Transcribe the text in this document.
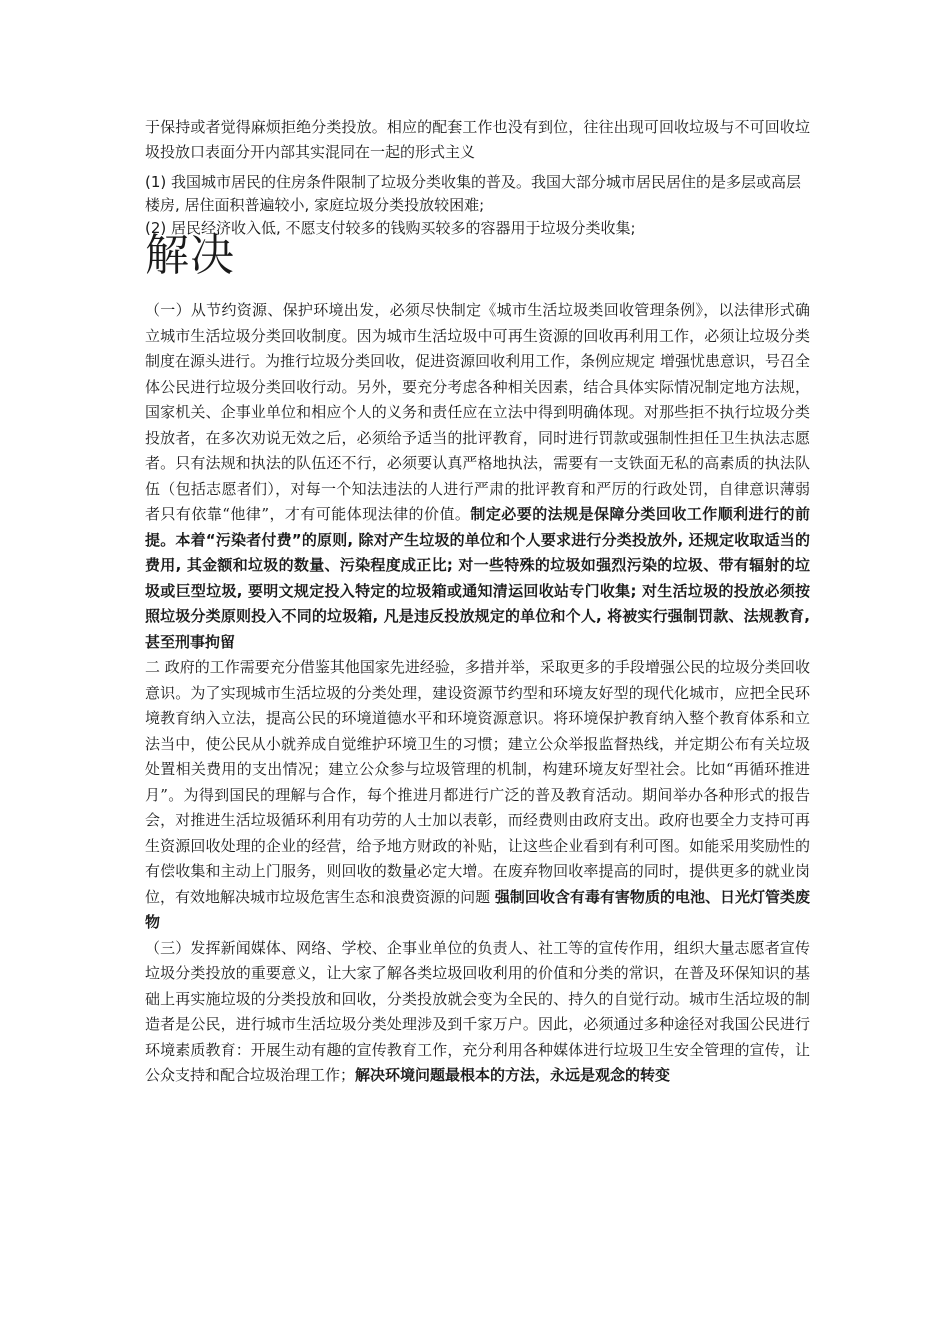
于保持或者觉得麻烦拒绝分类投放。相应的配套工作也没有到位，往往出现可回收垃圾与不可回收垃圾投放口表面分开内部其实混同在一起的形式主义

(1) 我国城市居民的住房条件限制了垃圾分类收集的普及。我国大部分城市居民居住的是多层或高层楼房, 居住面积普遍较小, 家庭垃圾分类投放较困难;
(2) 居民经济收入低, 不愿支付较多的钱购买较多的容器用于垃圾分类收集;
解决

（一）从节约资源、保护环境出发，必须尽快制定《城市生活垃圾类回收管理条例》，以法律形式确立城市生活垃圾分类回收制度。因为城市生活垃圾中可再生资源的回收再利用工作，必须让垃圾分类制度在源头进行。为推行垃圾分类回收，促进资源回收利用工作，条例应规定 增强忧患意识，号召全体公民进行垃圾分类回收行动。另外，要充分考虑各种相关因素，结合具体实际情况制定地方法规，国家机关、企事业单位和相应个人的义务和责任应在立法中得到明确体现。对那些拒不执行垃圾分类投放者，在多次劝说无效之后，必须给予适当的批评教育，同时进行罚款或强制性担任卫生执法志愿者。只有法规和执法的队伍还不行，必须要认真严格地执法，需要有一支铁面无私的高素质的执法队伍（包括志愿者们），对每一个知法违法的人进行严肃的批评教育和严厉的行政处罚，自律意识薄弱者只有依靠“他律”，才有可能体现法律的价值。制定必要的法规是保障分类回收工作顺利进行的前提。本着“污染者付费”的原则, 除对产生垃圾的单位和个人要求进行分类投放外, 还规定收取适当的费用, 其金额和垃圾的数量、污染程度成正比; 对一些特殊的垃圾如强烈污染的垃圾、带有辐射的垃圾或巨型垃圾, 要明文规定投入特定的垃圾箱或通知清运回收站专门收集; 对生活垃圾的投放必须按照垃圾分类原则投入不同的垃圾箱, 凡是违反投放规定的单位和个人, 将被实行强制罚款、法规教育, 甚至刑事拘留

二 政府的工作需要充分借鉴其他国家先进经验，多措并举，采取更多的手段增强公民的垃圾分类回收意识。为了实现城市生活垃圾的分类处理，建设资源节约型和环境友好型的现代化城市，应把全民环境教育纳入立法，提高公民的环境道德水平和环境资源意识。将环境保护教育纳入整个教育体系和立法当中，使公民从小就养成自觉维护环境卫生的习惯；建立公众举报监督热线，并定期公布有关垃圾处置相关费用的支出情况；建立公众参与垃圾管理的机制，构建环境友好型社会。比如“再循环推进月”。为得到国民的理解与合作，每个推进月都进行广泛的普及教育活动。期间举办各种形式的报告会，对推进生活垃圾循环利用有功劳的人士加以表彰，而经费则由政府支出。政府也要全力支持可再生资源回收处理的企业的经营，给予地方财政的补贴，让这些企业看到有利可图。如能采用奖励性的有偿收集和主动上门服务，则回收的数量必定大增。在废弃物回收率提高的同时，提供更多的就业岗位，有效地解决城市垃圾危害生态和浪费资源的问题 强制回收含有毒有害物质的电池、日光灯管类废物

（三）发挥新闻媒体、网络、学校、企事业单位的负责人、社工等的宣传作用，组织大量志愿者宣传垃圾分类投放的重要意义，让大家了解各类垃圾回收利用的价值和分类的常识，在普及环保知识的基础上再实施垃圾的分类投放和回收，分类投放就会变为全民的、持久的自觉行动。城市生活垃圾的制造者是公民，进行城市生活垃圾分类处理涉及到千家万户。因此，必须通过多种途径对我国公民进行环境素质教育：开展生动有趣的宣传教育工作，充分利用各种媒体进行垃圾卫生安全管理的宣传，让公众支持和配合垃圾治理工作；解决环境问题最根本的方法，永远是观念的转变
